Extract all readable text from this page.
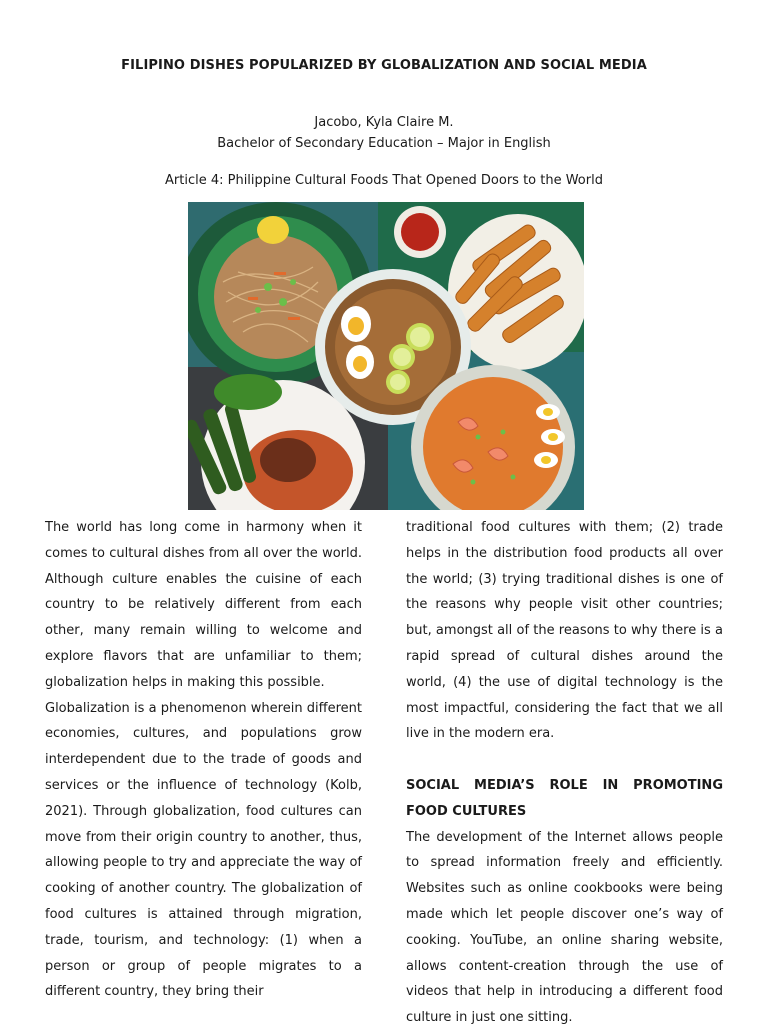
FILIPINO DISHES POPULARIZED BY GLOBALIZATION AND SOCIAL MEDIA
Jacobo, Kyla Claire M.
Bachelor of Secondary Education – Major in English
Article 4: Philippine Cultural Foods That Opened Doors to the World

The world has long come in harmony when it comes to cultural dishes from all over the world. Although culture enables the cuisine of each country to be relatively different from each other, many remain willing to welcome and explore flavors that are unfamiliar to them; globalization helps in making this possible.

Globalization is a phenomenon wherein different economies, cultures, and populations grow interdependent due to the trade of goods and services or the influence of technology (Kolb, 2021). Through globalization, food cultures can move from their origin country to another, thus, allowing people to try and appreciate the way of cooking of another country. The globalization of food cultures is attained through migration, trade, tourism, and technology: (1) when a person or group of people migrates to a different country, they bring their

traditional food cultures with them; (2) trade helps in the distribution food products all over the world; (3) trying traditional dishes is one of the reasons why people visit other countries; but, amongst all of the reasons to why there is a rapid spread of cultural dishes around the world, (4) the use of digital technology is the most impactful, considering the fact that we all live in the modern era.

SOCIAL MEDIA’S ROLE IN PROMOTING FOOD CULTURES

The development of the Internet allows people to spread information freely and efficiently. Websites such as online cookbooks were being made which let people discover one’s way of cooking. YouTube, an online sharing website, allows content-creation through the use of videos that help in introducing a different food culture in just one sitting.
